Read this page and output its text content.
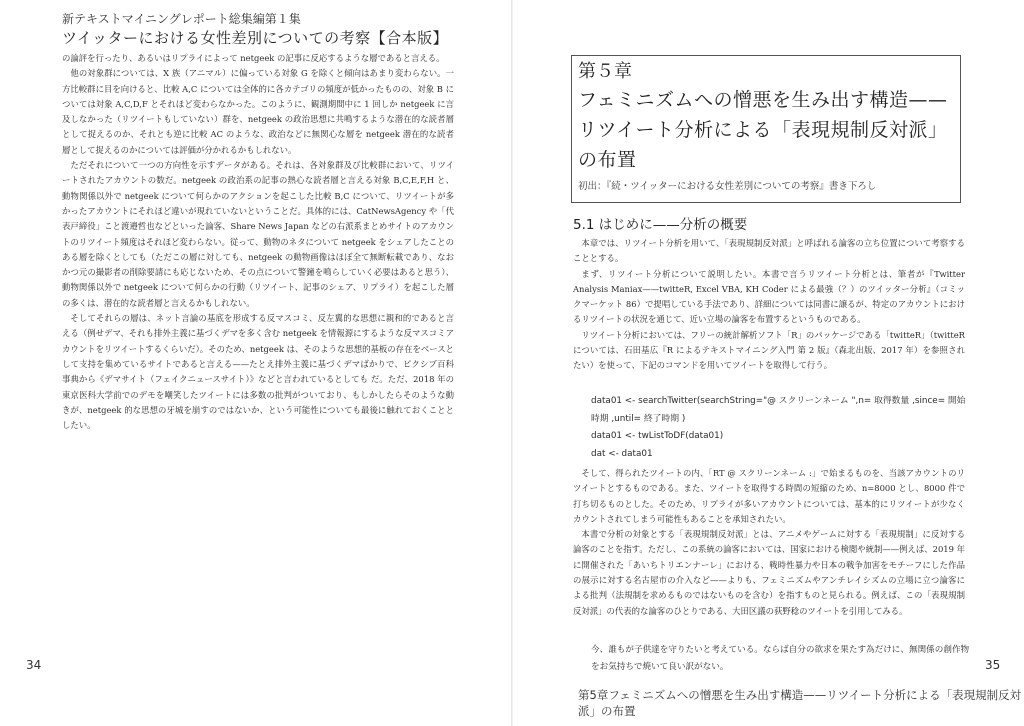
新テキストマイニングレポート総集編第１集
ツイッターにおける女性差別についての考察【合本版】

の論評を行ったり、あるいはリプライによって netgeek の記事に反応するような層であると言える。

他の対象群については、X 族（アニマル）に偏っている対象 G を除くと傾向はあまり変わらない。一方比較群に目を向けると、比較 A,C については全体的に各カテゴリの頻度が低かったものの、対象 B については対象 A,C,D,F とそれほど変わらなかった。このように、観測期間中に 1 回しか netgeek に言及しなかった（リツイートもしていない）群を、netgeek の政治思想に共鳴するような潜在的な読者層として捉えるのか、それとも逆に比較 AC のような、政治などに無関心な層を netgeek 潜在的な読者層として捉えるのかについては評価が分かれるかもしれない。

ただそれについて一つの方向性を示すデータがある。それは、各対象群及び比較群において、リツイートされたアカウントの数だ。netgeek の政治系の記事の熱心な読者層と言える対象 B,C,E,F,H と、動物関係以外で netgeek について何らかのアクションを起こした比較 B,C について、リツイートが多かったアカウントにそれほど違いが現れていないということだ。具体的には、CatNewsAgency や「代表戸締役」こと渡邉哲也などといった論客、Share News Japan などの右派系まとめサイトのアカウントのリツイート頻度はそれほど変わらない。従って、動物のネタについて netgeek をシェアしたことのある層を除くとしても（ただこの層に対しても、netgeek の動物画像はほぼ全て無断転載であり、なおかつ元の撮影者の削除要請にも応じないため、その点について警鐘を鳴らしていく必要はあると思う）、動物関係以外で netgeek について何らかの行動（リツイート、記事のシェア、リプライ）を起こした層の多くは、潜在的な読者層と言えるかもしれない。

そしてそれらの層は、ネット言論の基底を形成する反マスコミ、反左翼的な思想に親和的であると言える（例せデマ、それも排外主義に基づくデマを多く含む netgeek を情報源にするような反マスコミアカウントをリツイートするくらいだ）。そのため、netgeek は、そのような思想的基板の存在をベースとして支持を集めているサイトであると言える——たとえ排外主義に基づくデマばかりで、ピクシブ百科事典から《デマサイト（フェイクニュースサイト）》などと言われているとしても だ。ただ、2018 年の東京医科大学前でのデモを嘲笑したツイートには多数の批判がついており、もしかしたらそのような動きが、netgeek 的な思想の牙城を崩すのではないか、という可能性についても最後に触れておくこととしたい。

34
第５章
フェミニズムへの憎悪を生み出す構造——リツイート分析による「表現規制反対派」の布置
初出：『続・ツイッターにおける女性差別についての考察』書き下ろし
5.1 はじめに——分析の概要

本章では、リツイート分析を用いて、「表現規制反対派」と呼ばれる論客の立ち位置について考察することとする。

まず、リツイート分析について説明したい。本書で言うリツイート分析とは、筆者が『Twitter Analysis Maniax——twitteR, Excel VBA, KH Coder による最強（？）のツイッター分析』（コミックマーケット 86）で提唱している手法であり、詳細については同書に譲るが、特定のアカウントにおけるリツイートの状況を通じて、近い立場の論客を布置するというものである。

リツイート分析においては、フリーの統計解析ソフト「R」のパッケージである「twitteR」（twitteR については、石田基広『R によるテキストマイニング入門 第 2 版』（森北出版、2017 年）を参照されたい）を使って、下記のコマンドを用いてツイートを取得して行う。

data01 <- searchTwitter(searchString="@ スクリーンネーム ",n= 取得数量 ,since= 開始時期 ,until= 終了時期 )
data01 <- twListToDF(data01)
dat <- data01

そして、得られたツイートの内、「RT @ スクリーンネーム :」で始まるものを、当該アカウントのリツイートとするものである。また、ツイートを取得する時間の短縮のため、n=8000 とし、8000 件で打ち切るものとした。そのため、リプライが多いアカウントについては、基本的にリツイートが少なくカウントされてしまう可能性もあることを承知されたい。

本書で分析の対象とする「表現規制反対派」とは、アニメやゲームに対する「表現規制」に反対する論客のことを指す。ただし、この系統の論客においては、国家における検閲や統制——例えば、2019 年に開催された「あいちトリエンナーレ」における、戦時性暴力や日本の戦争加害をモチーフにした作品の展示に対する名古屋市の介入など——よりも、フェミニズムやアンチレイシズムの立場に立つ論客による批判（法規制を求めるものではないものを含む）を指すものと見られる。例えば、この「表現規制反対派」の代表的な論客のひとりである、大田区議の荻野稔のツイートを引用してみる。

今、誰もが子供達を守りたいと考えている。ならば自分の欲求を果たす為だけに、無関係の創作物をお気持ちで焼いて良い訳がない。	35
第5章フェミニズムへの憎悪を生み出す構造——リツイート分析による「表現規制反対派」の布置
